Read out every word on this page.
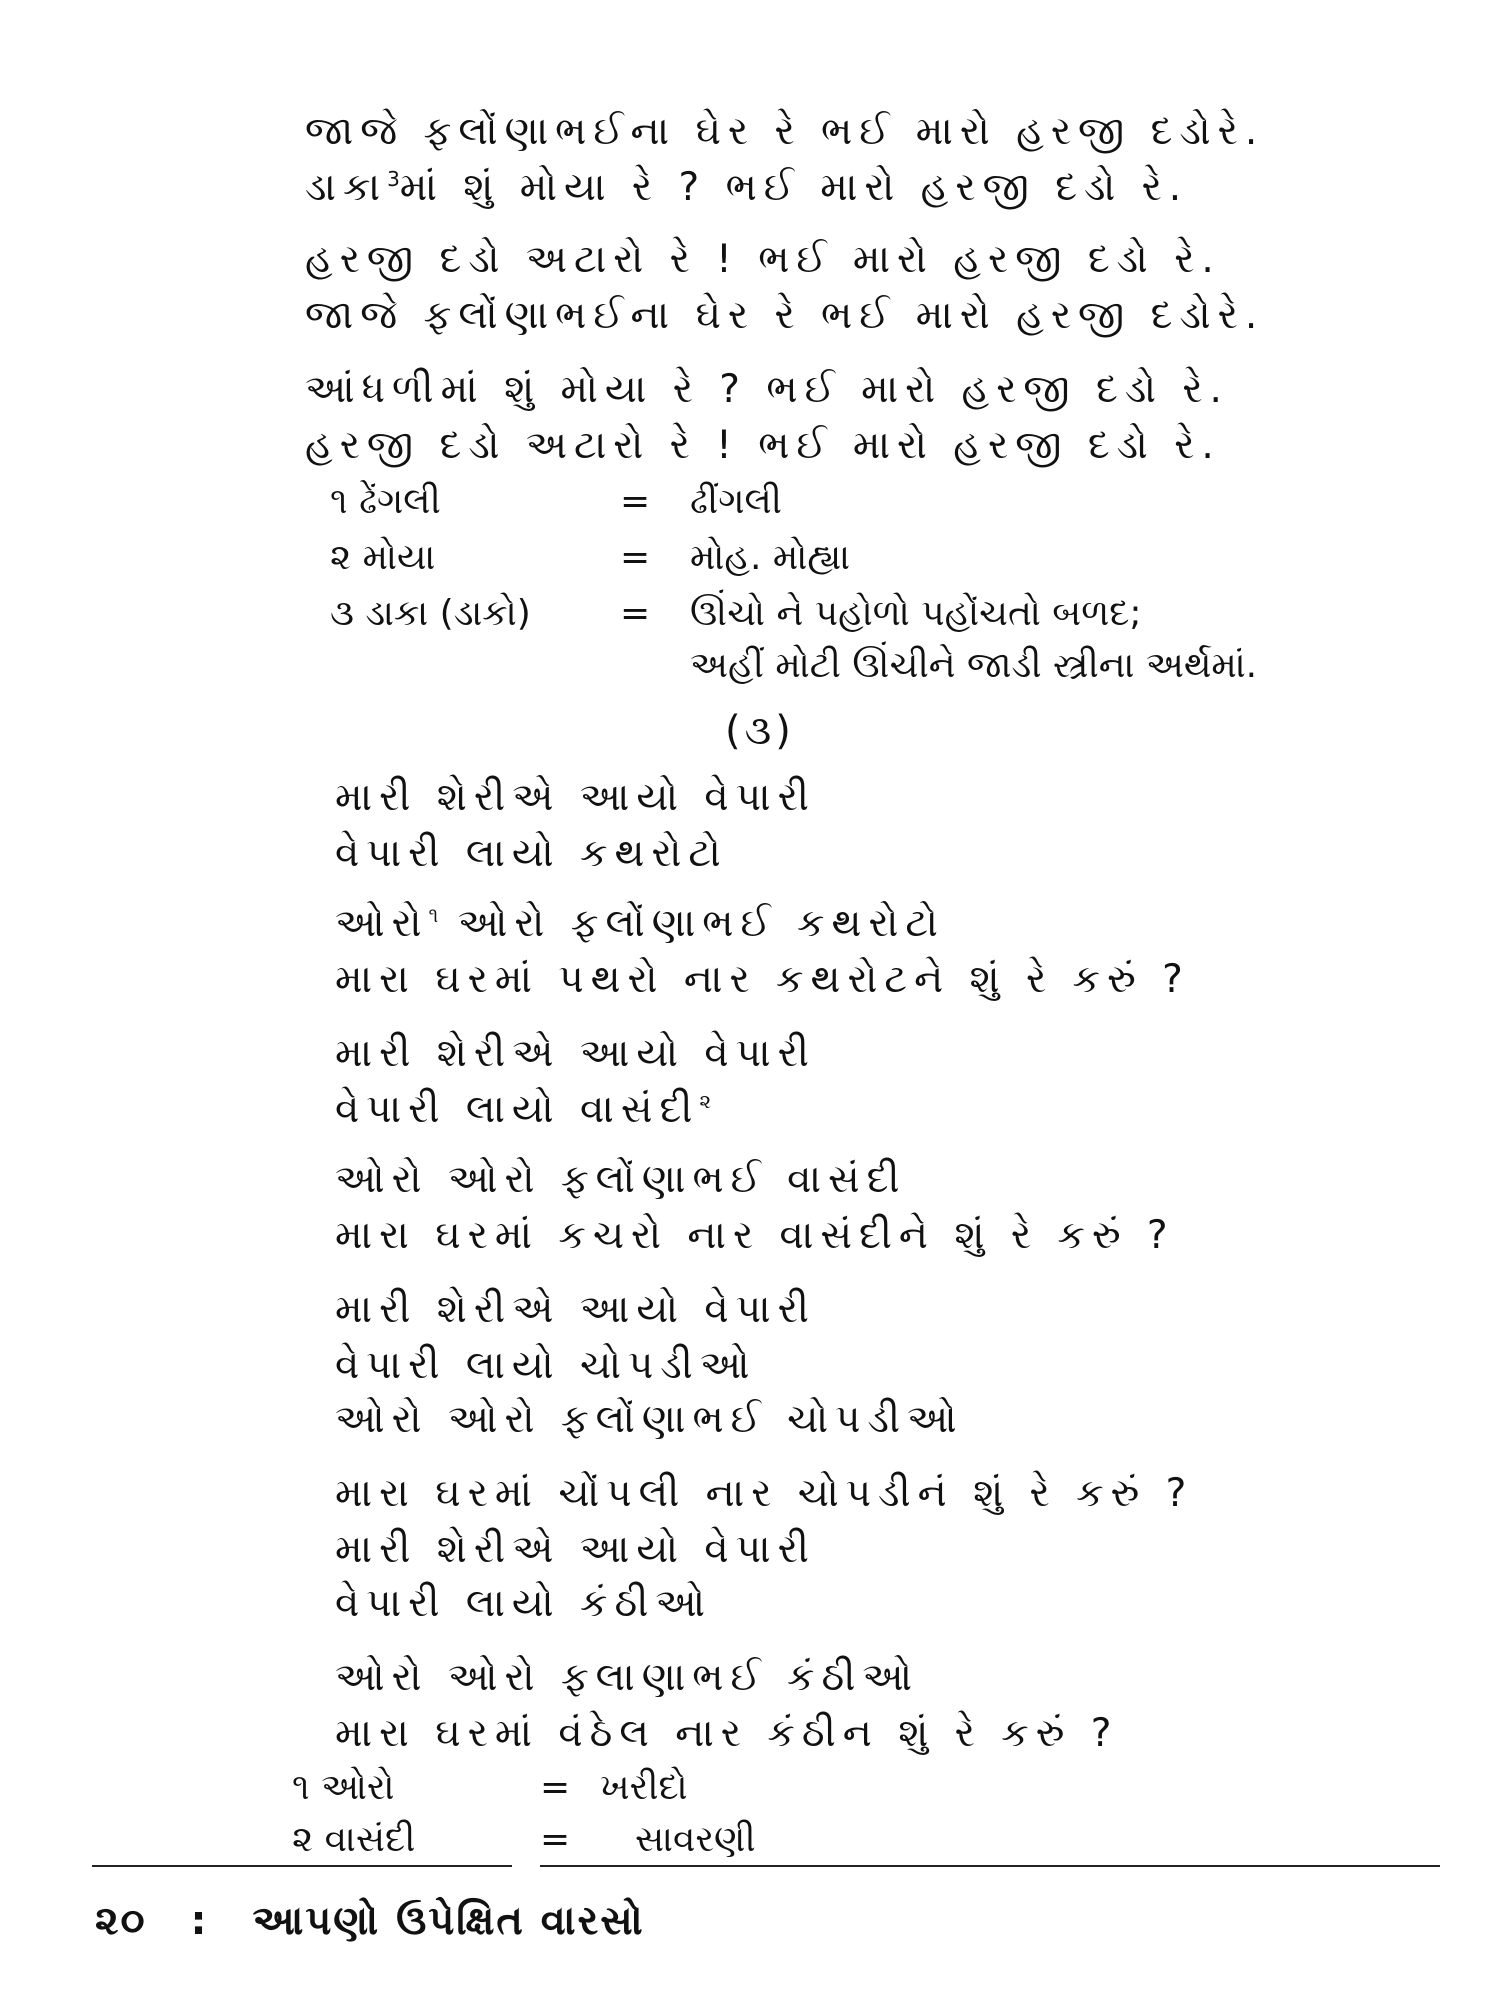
જાજે ફલોંણાભઈના ઘેર રે ભઈ મારો હરજી દડોરે.
ડાકા$^3$માં શું મોયા રે ? ભઈ મારો હરજી દડો રે.
હરજી દડો અટારો રે ! ભઈ મારો હરજી દડો રે.
જાજે ફલોંણાભઈના ઘેર રે ભઈ મારો હરજી દડોરે.
આંધળીમાં શું મોયા રે ? ભઈ મારો હરજી દડો રે.
હરજી દડો અટારો રે ! ભઈ મારો હરજી દડો રે.
૧ ઢેંગલી	= ઢીંગલી
૨ મોયા	= મોહ. મોહ્યા
૩ ડાકા (ડાકો) = ઊંચો ને પહોળો પહોંચતો બળદ;
અહીં મોટી ઊંચીને જાડી સ્ત્રીના અર્થમાં.
(૩)
મારી શેરીએ આયો વેપારી
વેપારી લાયો કથરોટો
ઓરો$^૧$ ઓરો ફલોંણાભઈ કથરોટો
મારા ઘરમાં પથરો નાર કથરોટને શું રે કરું ?
મારી શેરીએ આયો વેપારી
વેપારી લાયો વાસંદી$^૨$
ઓરો ઓરો ફલોંણાભઈ વાસંદી
મારા ઘરમાં કચરો નાર વાસંદીને શું રે કરું ?
મારી શેરીએ આયો વેપારી
વેપારી લાયો ચોપડીઓ
ઓરો ઓરો ફલોંણાભઈ ચોપડીઓ
મારા ઘરમાં ચોંપલી નાર ચોપડીનં શું રે કરું ?
મારી શેરીએ આયો વેપારી
વેપારી લાયો કંઠીઓ
ઓરો ઓરો ફલાણાભઈ કંઠીઓ
મારા ઘરમાં વંઠેલ નાર કંઠીન શું રે કરું ?
૧ ઓરો	= ખરીદો
૨ વાસંદી	= સાવરણી
૨૦ : આપણો ઉપેક્ષિત વારસો
